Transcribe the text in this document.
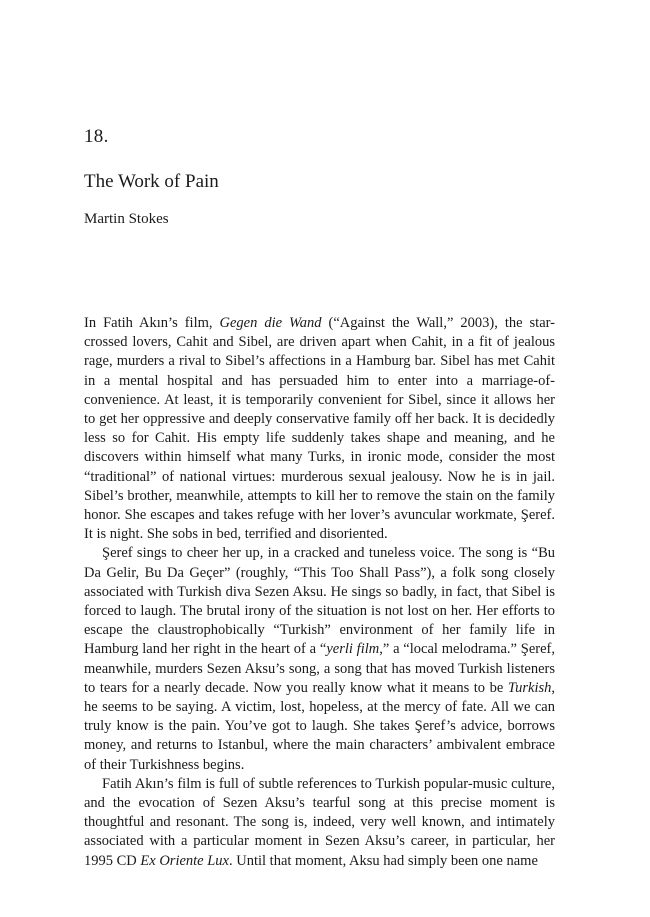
18.
The Work of Pain
Martin Stokes

In Fatih Akın’s film, Gegen die Wand (“Against the Wall,” 2003), the star-crossed lovers, Cahit and Sibel, are driven apart when Cahit, in a fit of jealous rage, murders a rival to Sibel’s affections in a Hamburg bar. Sibel has met Cahit in a mental hospital and has persuaded him to enter into a marriage-of-convenience. At least, it is temporarily convenient for Sibel, since it allows her to get her oppressive and deeply conservative family off her back. It is decidedly less so for Cahit. His empty life suddenly takes shape and meaning, and he discovers within himself what many Turks, in ironic mode, consider the most “traditional” of national virtues: murderous sexual jealousy. Now he is in jail. Sibel’s brother, meanwhile, attempts to kill her to remove the stain on the family honor. She escapes and takes refuge with her lover’s avuncular workmate, Şeref. It is night. She sobs in bed, terrified and disoriented.

Şeref sings to cheer her up, in a cracked and tuneless voice. The song is “Bu Da Gelir, Bu Da Geçer” (roughly, “This Too Shall Pass”), a folk song closely associated with Turkish diva Sezen Aksu. He sings so badly, in fact, that Sibel is forced to laugh. The brutal irony of the situation is not lost on her. Her efforts to escape the claustrophobically “Turkish” environment of her family life in Hamburg land her right in the heart of a “yerli film,” a “local melodrama.” Şeref, meanwhile, murders Sezen Aksu’s song, a song that has moved Turkish listeners to tears for a nearly decade. Now you really know what it means to be Turkish, he seems to be saying. A victim, lost, hopeless, at the mercy of fate. All we can truly know is the pain. You’ve got to laugh. She takes Şeref’s advice, borrows money, and returns to Istanbul, where the main characters’ ambivalent embrace of their Turkishness begins.

Fatih Akın’s film is full of subtle references to Turkish popular-music culture, and the evocation of Sezen Aksu’s tearful song at this precise moment is thoughtful and resonant. The song is, indeed, very well known, and intimately associated with a particular moment in Sezen Aksu’s career, in particular, her 1995 CD Ex Oriente Lux. Until that moment, Aksu had simply been one name
